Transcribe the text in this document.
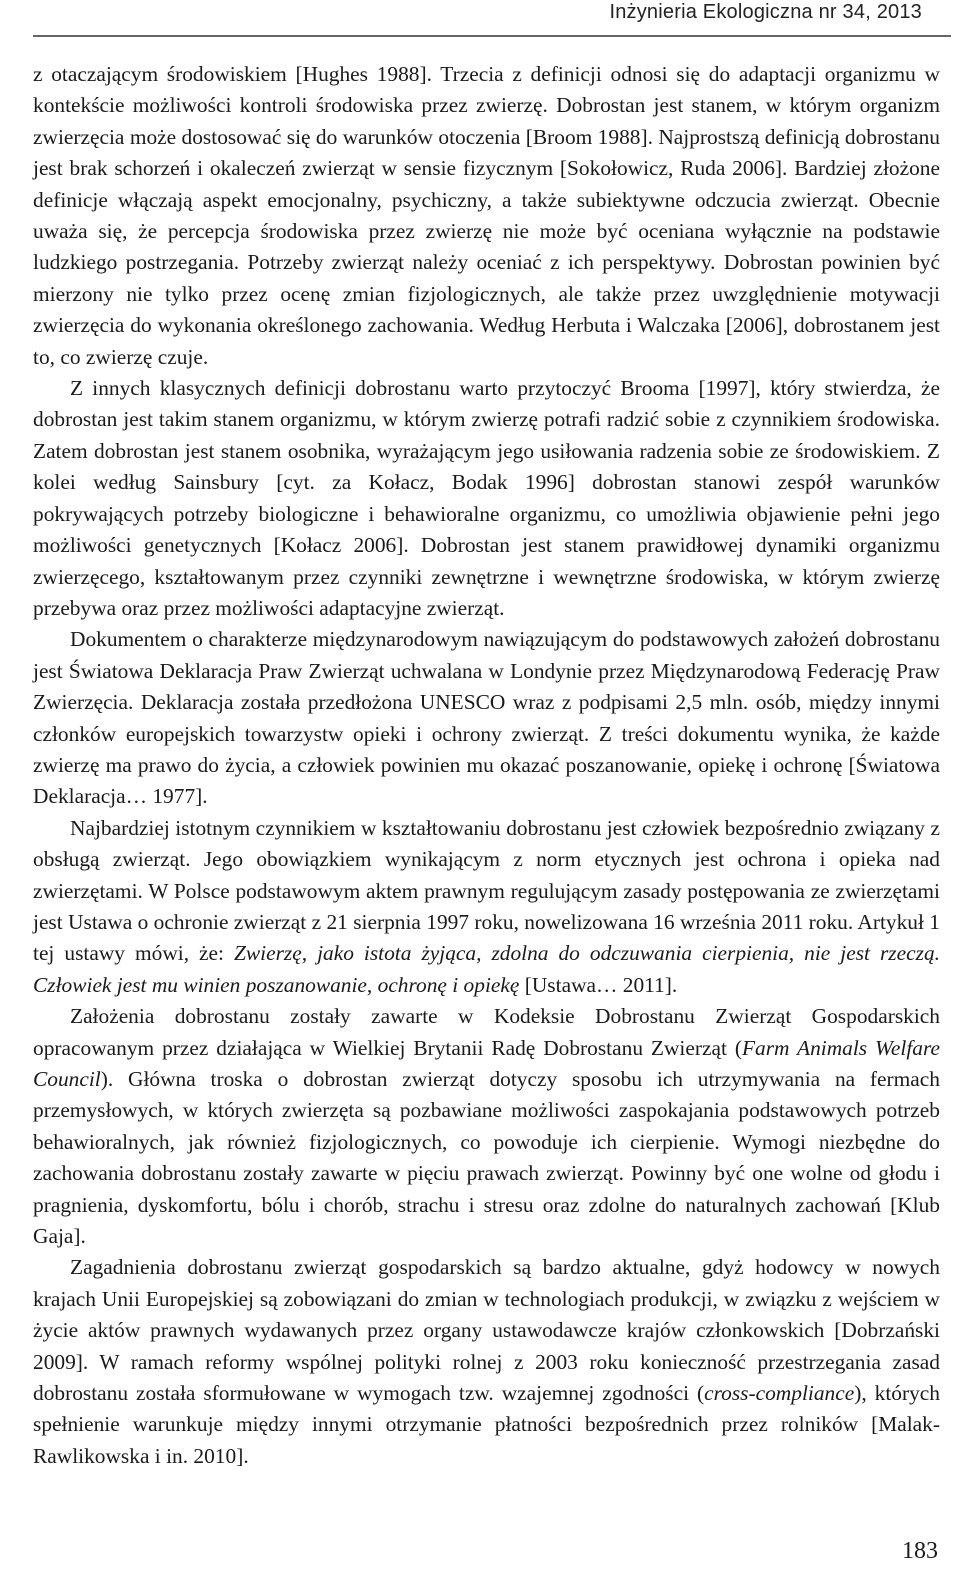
Inżynieria Ekologiczna nr 34, 2013

z otaczającym środowiskiem [Hughes 1988]. Trzecia z definicji odnosi się do adaptacji organizmu w kontekście możliwości kontroli środowiska przez zwierzę. Dobrostan jest stanem, w którym organizm zwierzęcia może dostosować się do warunków otoczenia [Broom 1988]. Najprostszą definicją dobrostanu jest brak schorzeń i okaleczeń zwierząt w sensie fizycznym [Sokołowicz, Ruda 2006]. Bardziej złożone definicje włączają aspekt emocjonalny, psychiczny, a także subiektywne odczucia zwierząt. Obecnie uważa się, że percepcja środowiska przez zwierzę nie może być oceniana wyłącznie na podstawie ludzkiego postrzegania. Potrzeby zwierząt należy oceniać z ich perspektywy. Dobrostan powinien być mierzony nie tylko przez ocenę zmian fizjologicznych, ale także przez uwzględnienie motywacji zwierzęcia do wykonania określonego zachowania. Według Herbuta i Walczaka [2006], dobrostanem jest to, co zwierzę czuje.

Z innych klasycznych definicji dobrostanu warto przytoczyć Brooma [1997], który stwierdza, że dobrostan jest takim stanem organizmu, w którym zwierzę potrafi radzić sobie z czynnikiem środowiska. Zatem dobrostan jest stanem osobnika, wyrażającym jego usiłowania radzenia sobie ze środowiskiem. Z kolei według Sainsbury [cyt. za Kołacz, Bodak 1996] dobrostan stanowi zespół warunków pokrywających potrzeby biologiczne i behawioralne organizmu, co umożliwia objawienie pełni jego możliwości genetycznych [Kołacz 2006]. Dobrostan jest stanem prawidłowej dynamiki organizmu zwierzęcego, kształtowanym przez czynniki zewnętrzne i wewnętrzne środowiska, w którym zwierzę przebywa oraz przez możliwości adaptacyjne zwierząt.

Dokumentem o charakterze międzynarodowym nawiązującym do podstawowych założeń dobrostanu jest Światowa Deklaracja Praw Zwierząt uchwalana w Londynie przez Międzynarodową Federację Praw Zwierzęcia. Deklaracja została przedłożona UNESCO wraz z podpisami 2,5 mln. osób, między innymi członków europejskich towarzystw opieki i ochrony zwierząt. Z treści dokumentu wynika, że każde zwierzę ma prawo do życia, a człowiek powinien mu okazać poszanowanie, opiekę i ochronę [Światowa Deklaracja… 1977].

Najbardziej istotnym czynnikiem w kształtowaniu dobrostanu jest człowiek bezpośrednio związany z obsługą zwierząt. Jego obowiązkiem wynikającym z norm etycznych jest ochrona i opieka nad zwierzętami. W Polsce podstawowym aktem prawnym regulującym zasady postępowania ze zwierzętami jest Ustawa o ochronie zwierząt z 21 sierpnia 1997 roku, nowelizowana 16 września 2011 roku. Artykuł 1 tej ustawy mówi, że: Zwierzę, jako istota żyjąca, zdolna do odczuwania cierpienia, nie jest rzeczą. Człowiek jest mu winien poszanowanie, ochronę i opiekę [Ustawa… 2011].

Założenia dobrostanu zostały zawarte w Kodeksie Dobrostanu Zwierząt Gospodarskich opracowanym przez działająca w Wielkiej Brytanii Radę Dobrostanu Zwierząt (Farm Animals Welfare Council). Główna troska o dobrostan zwierząt dotyczy sposobu ich utrzymywania na fermach przemysłowych, w których zwierzęta są pozbawiane możliwości zaspokajania podstawowych potrzeb behawioralnych, jak również fizjologicznych, co powoduje ich cierpienie. Wymogi niezbędne do zachowania dobrostanu zostały zawarte w pięciu prawach zwierząt. Powinny być one wolne od głodu i pragnienia, dyskomfortu, bólu i chorób, strachu i stresu oraz zdolne do naturalnych zachowań [Klub Gaja].

Zagadnienia dobrostanu zwierząt gospodarskich są bardzo aktualne, gdyż hodowcy w nowych krajach Unii Europejskiej są zobowiązani do zmian w technologiach produkcji, w związku z wejściem w życie aktów prawnych wydawanych przez organy ustawodawcze krajów członkowskich [Dobrzański 2009]. W ramach reformy wspólnej polityki rolnej z 2003 roku konieczność przestrzegania zasad dobrostanu została sformułowane w wymogach tzw. wzajemnej zgodności (cross-compliance), których spełnienie warunkuje między innymi otrzymanie płatności bezpośrednich przez rolników [Malak-Rawlikowska i in. 2010].

183
